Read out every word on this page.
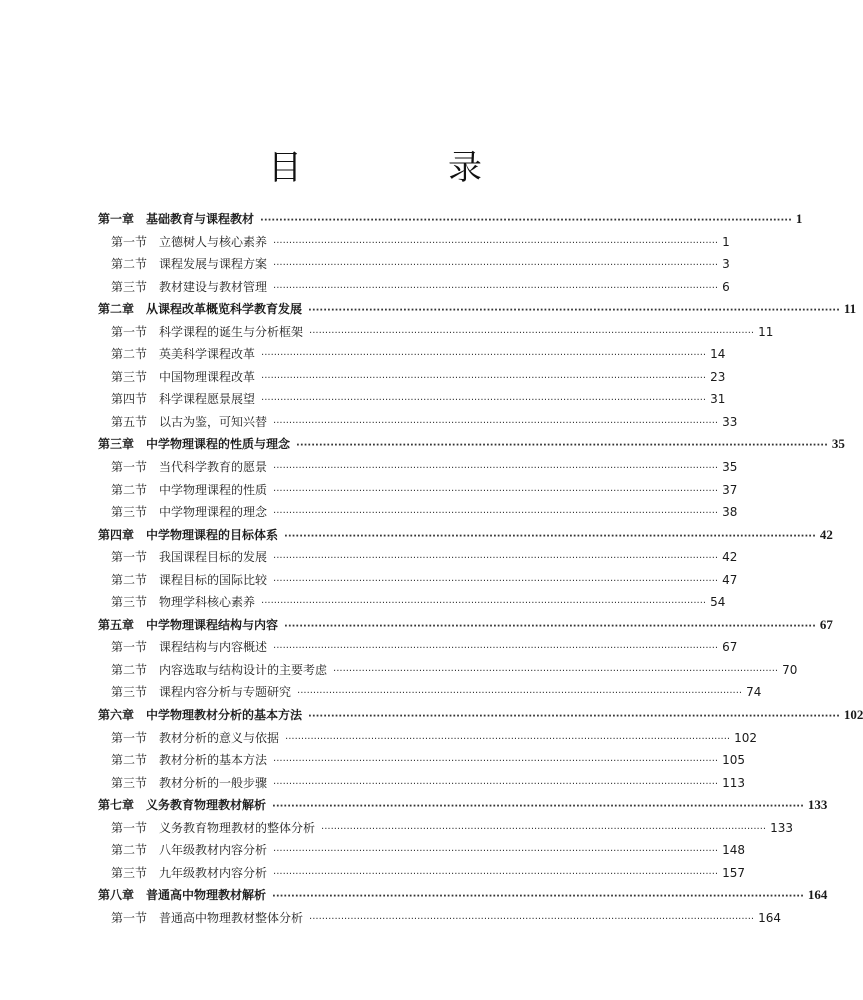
目　录
第一章	基础教育与课程教材 ············································································································································ 1
第一节	立德树人与核心素养 ············································································································································ 1
第二节	课程发展与课程方案 ············································································································································ 3
第三节	教材建设与教材管理 ············································································································································ 6
第二章	从课程改革概览科学教育发展 ············································································································································ 11
第一节	科学课程的诞生与分析框架 ············································································································································ 11
第二节	英美科学课程改革 ············································································································································ 14
第三节	中国物理课程改革 ············································································································································ 23
第四节	科学课程愿景展望 ············································································································································ 31
第五节	以古为鉴，可知兴替 ············································································································································ 33
第三章	中学物理课程的性质与理念 ············································································································································ 35
第一节	当代科学教育的愿景 ············································································································································ 35
第二节	中学物理课程的性质 ············································································································································ 37
第三节	中学物理课程的理念 ············································································································································ 38
第四章	中学物理课程的目标体系 ············································································································································ 42
第一节	我国课程目标的发展 ············································································································································ 42
第二节	课程目标的国际比较 ············································································································································ 47
第三节	物理学科核心素养 ············································································································································ 54
第五章	中学物理课程结构与内容 ············································································································································ 67
第一节	课程结构与内容概述 ············································································································································ 67
第二节	内容选取与结构设计的主要考虑 ············································································································································ 70
第三节	课程内容分析与专题研究 ············································································································································ 74
第六章	中学物理教材分析的基本方法 ············································································································································ 102
第一节	教材分析的意义与依据 ············································································································································ 102
第二节	教材分析的基本方法 ············································································································································ 105
第三节	教材分析的一般步骤 ············································································································································ 113
第七章	义务教育物理教材解析 ············································································································································ 133
第一节	义务教育物理教材的整体分析 ············································································································································ 133
第二节	八年级教材内容分析 ············································································································································ 148
第三节	九年级教材内容分析 ············································································································································ 157
第八章	普通高中物理教材解析 ············································································································································ 164
第一节	普通高中物理教材整体分析 ············································································································································ 164
